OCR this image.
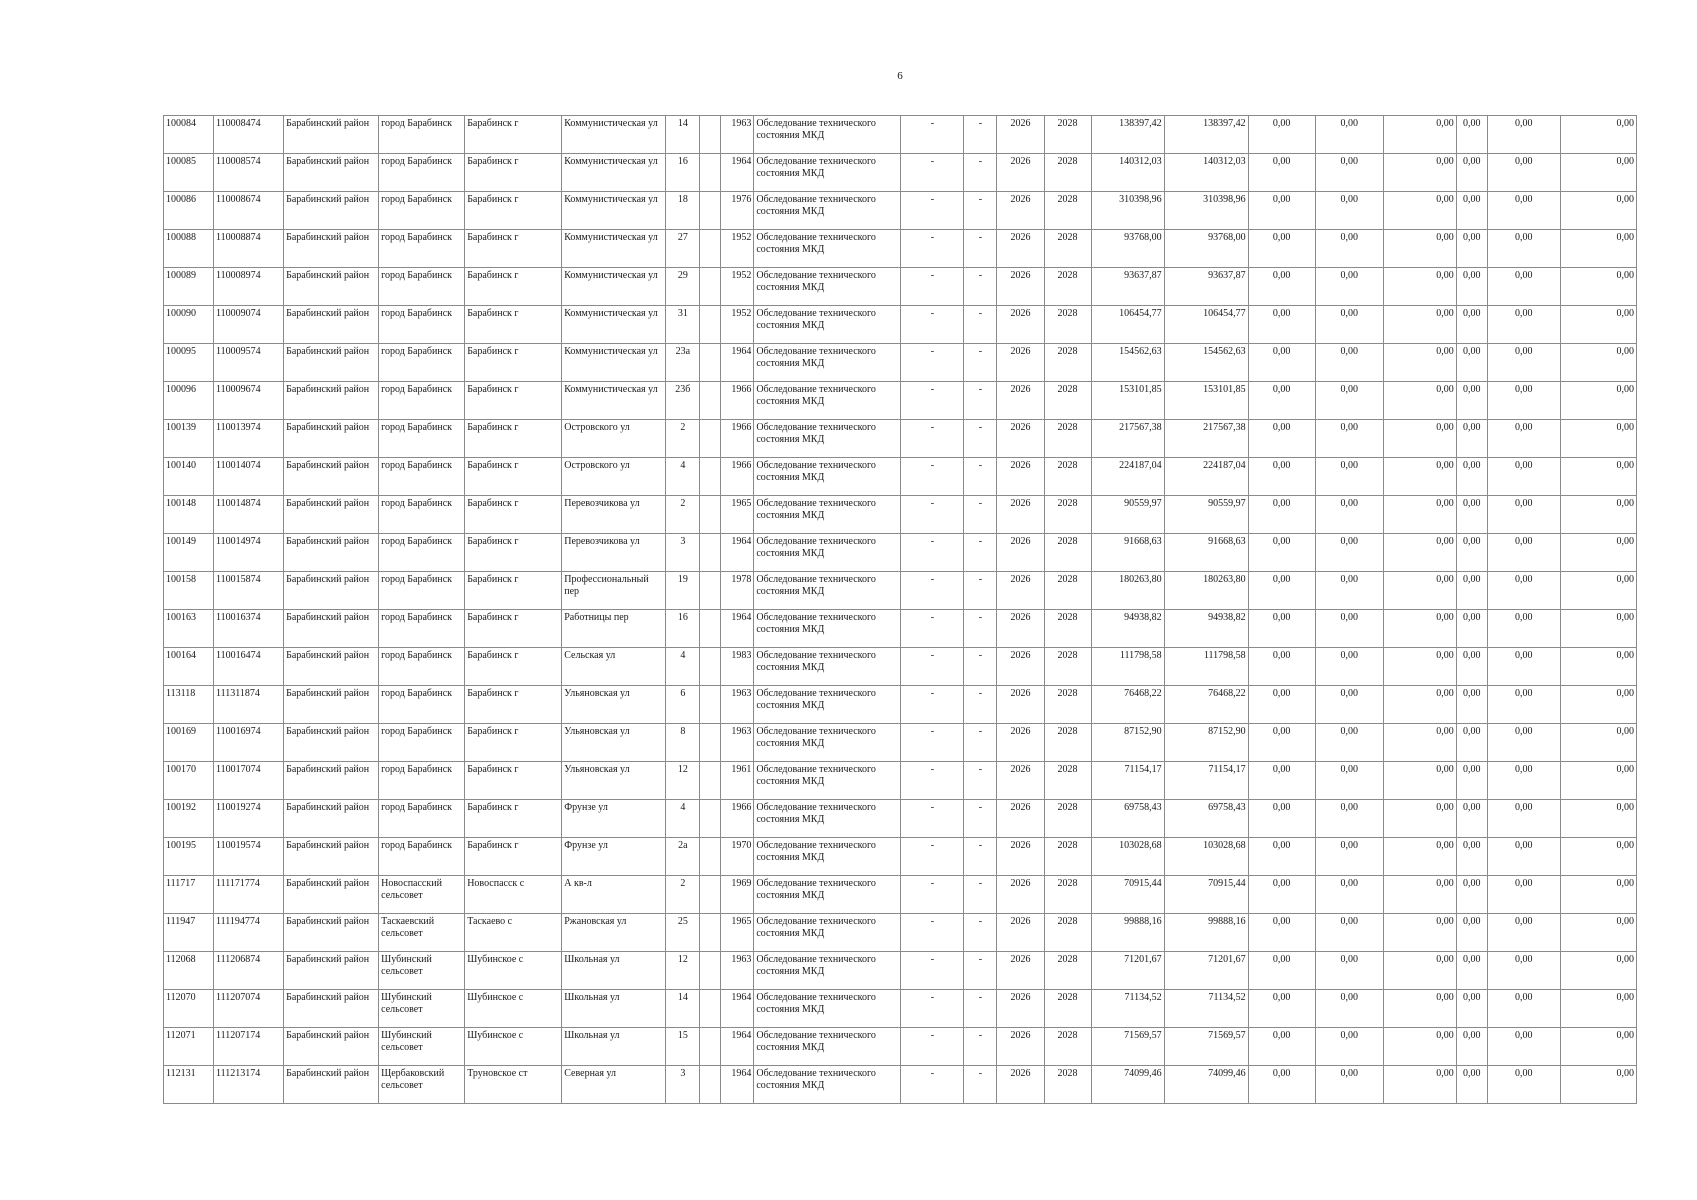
6
100084	110008474	Барабинский район	город Барабинск	Барабинск г	Коммунистическая ул	14		1963	Обследование технического состояния МКД	-	-	2026	2028	138397,42	138397,42	0,00	0,00	0,00	0,00	0,00	0,00
100085	110008574	Барабинский район	город Барабинск	Барабинск г	Коммунистическая ул	16		1964	Обследование технического состояния МКД	-	-	2026	2028	140312,03	140312,03	0,00	0,00	0,00	0,00	0,00	0,00
100086	110008674	Барабинский район	город Барабинск	Барабинск г	Коммунистическая ул	18		1976	Обследование технического состояния МКД	-	-	2026	2028	310398,96	310398,96	0,00	0,00	0,00	0,00	0,00	0,00
100088	110008874	Барабинский район	город Барабинск	Барабинск г	Коммунистическая ул	27		1952	Обследование технического состояния МКД	-	-	2026	2028	93768,00	93768,00	0,00	0,00	0,00	0,00	0,00	0,00
100089	110008974	Барабинский район	город Барабинск	Барабинск г	Коммунистическая ул	29		1952	Обследование технического состояния МКД	-	-	2026	2028	93637,87	93637,87	0,00	0,00	0,00	0,00	0,00	0,00
100090	110009074	Барабинский район	город Барабинск	Барабинск г	Коммунистическая ул	31		1952	Обследование технического состояния МКД	-	-	2026	2028	106454,77	106454,77	0,00	0,00	0,00	0,00	0,00	0,00
100095	110009574	Барабинский район	город Барабинск	Барабинск г	Коммунистическая ул	23а		1964	Обследование технического состояния МКД	-	-	2026	2028	154562,63	154562,63	0,00	0,00	0,00	0,00	0,00	0,00
100096	110009674	Барабинский район	город Барабинск	Барабинск г	Коммунистическая ул	23б		1966	Обследование технического состояния МКД	-	-	2026	2028	153101,85	153101,85	0,00	0,00	0,00	0,00	0,00	0,00
100139	110013974	Барабинский район	город Барабинск	Барабинск г	Островского ул	2		1966	Обследование технического состояния МКД	-	-	2026	2028	217567,38	217567,38	0,00	0,00	0,00	0,00	0,00	0,00
100140	110014074	Барабинский район	город Барабинск	Барабинск г	Островского ул	4		1966	Обследование технического состояния МКД	-	-	2026	2028	224187,04	224187,04	0,00	0,00	0,00	0,00	0,00	0,00
100148	110014874	Барабинский район	город Барабинск	Барабинск г	Перевозчикова ул	2		1965	Обследование технического состояния МКД	-	-	2026	2028	90559,97	90559,97	0,00	0,00	0,00	0,00	0,00	0,00
100149	110014974	Барабинский район	город Барабинск	Барабинск г	Перевозчикова ул	3		1964	Обследование технического состояния МКД	-	-	2026	2028	91668,63	91668,63	0,00	0,00	0,00	0,00	0,00	0,00
100158	110015874	Барабинский район	город Барабинск	Барабинск г	Профессиональный пер	19		1978	Обследование технического состояния МКД	-	-	2026	2028	180263,80	180263,80	0,00	0,00	0,00	0,00	0,00	0,00
100163	110016374	Барабинский район	город Барабинск	Барабинск г	Работницы пер	16		1964	Обследование технического состояния МКД	-	-	2026	2028	94938,82	94938,82	0,00	0,00	0,00	0,00	0,00	0,00
100164	110016474	Барабинский район	город Барабинск	Барабинск г	Сельская ул	4		1983	Обследование технического состояния МКД	-	-	2026	2028	111798,58	111798,58	0,00	0,00	0,00	0,00	0,00	0,00
113118	111311874	Барабинский район	город Барабинск	Барабинск г	Ульяновская ул	6		1963	Обследование технического состояния МКД	-	-	2026	2028	76468,22	76468,22	0,00	0,00	0,00	0,00	0,00	0,00
100169	110016974	Барабинский район	город Барабинск	Барабинск г	Ульяновская ул	8		1963	Обследование технического состояния МКД	-	-	2026	2028	87152,90	87152,90	0,00	0,00	0,00	0,00	0,00	0,00
100170	110017074	Барабинский район	город Барабинск	Барабинск г	Ульяновская ул	12		1961	Обследование технического состояния МКД	-	-	2026	2028	71154,17	71154,17	0,00	0,00	0,00	0,00	0,00	0,00
100192	110019274	Барабинский район	город Барабинск	Барабинск г	Фрунзе ул	4		1966	Обследование технического состояния МКД	-	-	2026	2028	69758,43	69758,43	0,00	0,00	0,00	0,00	0,00	0,00
100195	110019574	Барабинский район	город Барабинск	Барабинск г	Фрунзе ул	2а		1970	Обследование технического состояния МКД	-	-	2026	2028	103028,68	103028,68	0,00	0,00	0,00	0,00	0,00	0,00
111717	111171774	Барабинский район	Новоспасский сельсовет	Новоспасск с	А кв-л	2		1969	Обследование технического состояния МКД	-	-	2026	2028	70915,44	70915,44	0,00	0,00	0,00	0,00	0,00	0,00
111947	111194774	Барабинский район	Таскаевский сельсовет	Таскаево с	Ржановская ул	25		1965	Обследование технического состояния МКД	-	-	2026	2028	99888,16	99888,16	0,00	0,00	0,00	0,00	0,00	0,00
112068	111206874	Барабинский район	Шубинский сельсовет	Шубинское с	Школьная ул	12		1963	Обследование технического состояния МКД	-	-	2026	2028	71201,67	71201,67	0,00	0,00	0,00	0,00	0,00	0,00
112070	111207074	Барабинский район	Шубинский сельсовет	Шубинское с	Школьная ул	14		1964	Обследование технического состояния МКД	-	-	2026	2028	71134,52	71134,52	0,00	0,00	0,00	0,00	0,00	0,00
112071	111207174	Барабинский район	Шубинский сельсовет	Шубинское с	Школьная ул	15		1964	Обследование технического состояния МКД	-	-	2026	2028	71569,57	71569,57	0,00	0,00	0,00	0,00	0,00	0,00
112131	111213174	Барабинский район	Щербаковский сельсовет	Труновское ст	Северная ул	3		1964	Обследование технического состояния МКД	-	-	2026	2028	74099,46	74099,46	0,00	0,00	0,00	0,00	0,00	0,00
